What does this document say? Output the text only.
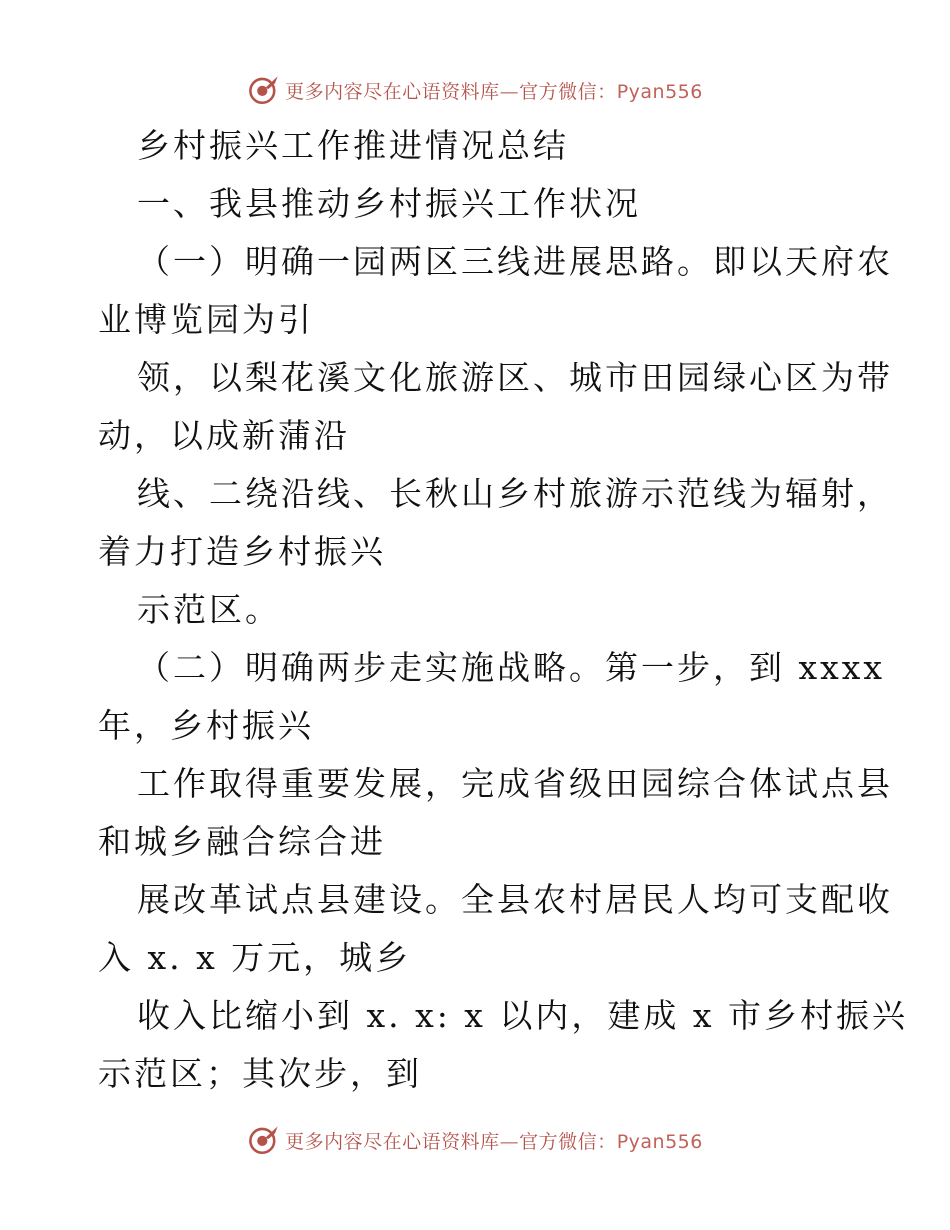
更多内容尽在心语资料库—官方微信：Pyan556
乡村振兴工作推进情况总结
一、我县推动乡村振兴工作状况
（一）明确一园两区三线进展思路。即以天府农
业博览园为引
领，以梨花溪文化旅游区、城市田园绿心区为带
动，以成新蒲沿
线、二绕沿线、长秋山乡村旅游示范线为辐射，
着力打造乡村振兴
示范区。
（二）明确两步走实施战略。第一步，到 xxxx
年，乡村振兴
工作取得重要发展，完成省级田园综合体试点县
和城乡融合综合进
展改革试点县建设。全县农村居民人均可支配收
入 x. x 万元，城乡
收入比缩小到 x. x: x 以内，建成 x 市乡村振兴
示范区；其次步，到
更多内容尽在心语资料库—官方微信：Pyan556
